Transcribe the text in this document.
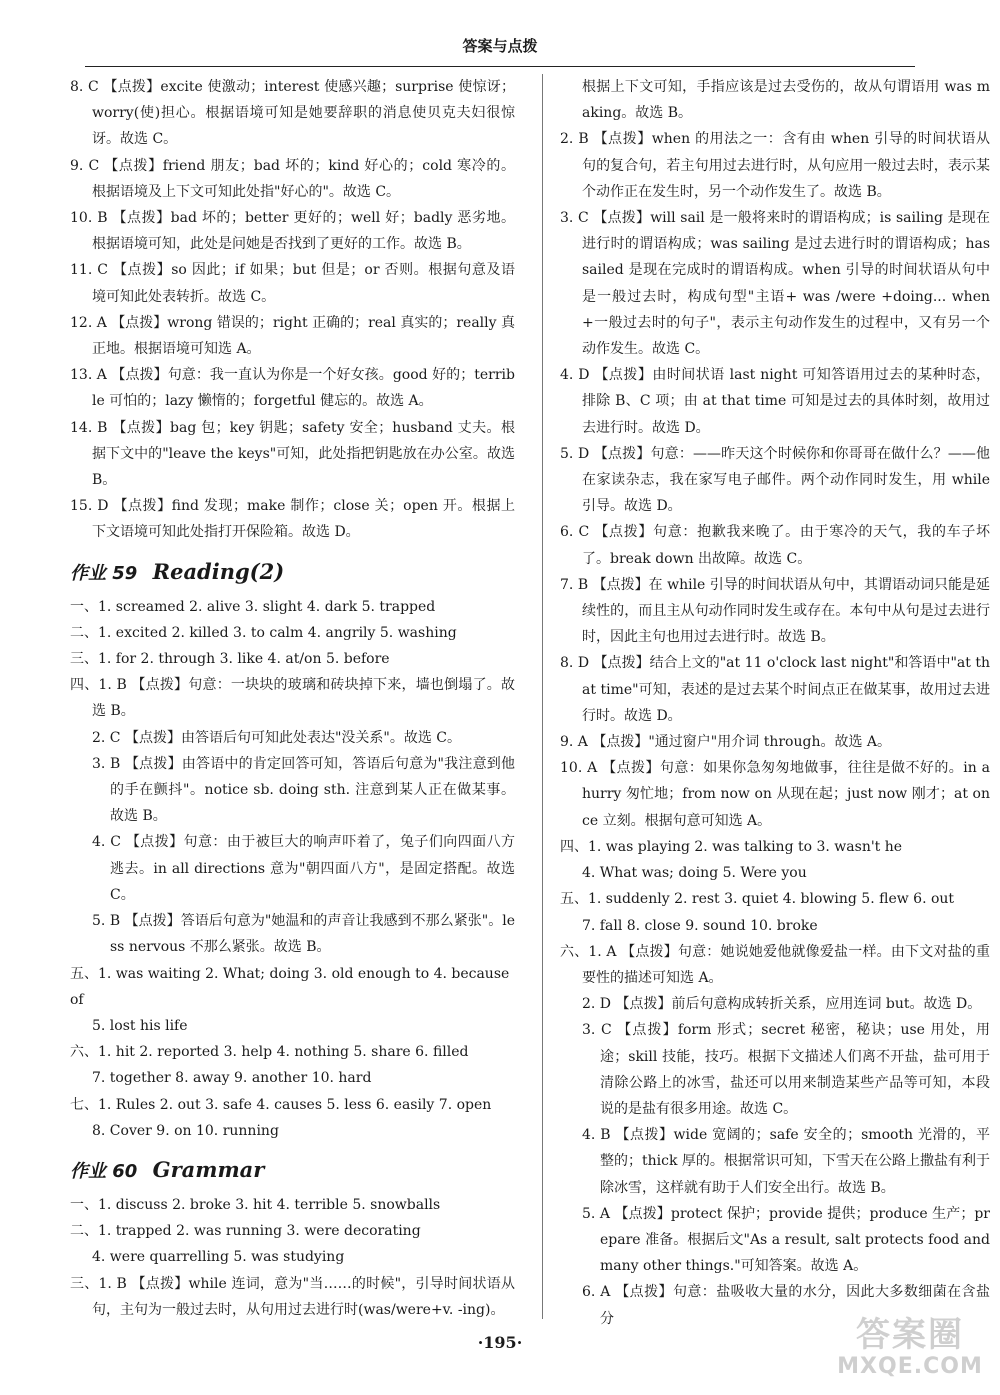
答案与点拨

8. C 【点拨】excite 使激动；interest 使感兴趣；surprise 使惊讶；worry(使)担心。根据语境可知是她要辞职的消息使贝克夫妇很惊讶。故选 C。

9. C 【点拨】friend 朋友；bad 坏的；kind 好心的；cold 寒冷的。根据语境及上下文可知此处指"好心的"。故选 C。

10. B 【点拨】bad 坏的；better 更好的；well 好；badly 恶劣地。根据语境可知，此处是问她是否找到了更好的工作。故选 B。

11. C 【点拨】so 因此；if 如果；but 但是；or 否则。根据句意及语境可知此处表转折。故选 C。

12. A 【点拨】wrong 错误的；right 正确的；real 真实的；really 真正地。根据语境可知选 A。

13. A 【点拨】句意：我一直认为你是一个好女孩。good 好的；terrible 可怕的；lazy 懒惰的；forgetful 健忘的。故选 A。

14. B 【点拨】bag 包；key 钥匙；safety 安全；husband 丈夫。根据下文中的"leave the keys"可知，此处指把钥匙放在办公室。故选 B。

15. D 【点拨】find 发现；make 制作；close 关；open 开。根据上下文语境可知此处指打开保险箱。故选 D。

作业 59 Reading(2)

一、1. screamed 2. alive 3. slight 4. dark 5. trapped

二、1. excited 2. killed 3. to calm 4. angrily 5. washing

三、1. for 2. through 3. like 4. at/on 5. before

四、1. B 【点拨】句意：一块块的玻璃和砖块掉下来，墙也倒塌了。故选 B。

2. C 【点拨】由答语后句可知此处表达"没关系"。故选 C。

3. B 【点拨】由答语中的肯定回答可知，答语后句意为"我注意到他的手在颤抖"。notice sb. doing sth. 注意到某人正在做某事。故选 B。

4. C 【点拨】句意：由于被巨大的响声吓着了，兔子们向四面八方逃去。in all directions 意为"朝四面八方"，是固定搭配。故选 C。

5. B 【点拨】答语后句意为"她温和的声音让我感到不那么紧张"。less nervous 不那么紧张。故选 B。

五、1. was waiting 2. What; doing 3. old enough to 4. because of

5. lost his life

六、1. hit 2. reported 3. help 4. nothing 5. share 6. filled

7. together 8. away 9. another 10. hard

七、1. Rules 2. out 3. safe 4. causes 5. less 6. easily 7. open

8. Cover 9. on 10. running

作业 60 Grammar

一、1. discuss 2. broke 3. hit 4. terrible 5. snowballs

二、1. trapped 2. was running 3. were decorating

4. were quarrelling 5. was studying

三、1. B 【点拨】while 连词，意为"当……的时候"，引导时间状语从句，主句为一般过去时，从句用过去进行时(was/were+v. -ing)。

根据上下文可知，手指应该是过去受伤的，故从句谓语用 was making。故选 B。

2. B 【点拨】when 的用法之一：含有由 when 引导的时间状语从句的复合句，若主句用过去进行时，从句应用一般过去时，表示某个动作正在发生时，另一个动作发生了。故选 B。

3. C 【点拨】will sail 是一般将来时的谓语构成；is sailing 是现在进行时的谓语构成；was sailing 是过去进行时的谓语构成；has sailed 是现在完成时的谓语构成。when 引导的时间状语从句中是一般过去时，构成句型"主语+ was /were +doing... when +一般过去时的句子"，表示主句动作发生的过程中，又有另一个动作发生。故选 C。

4. D 【点拨】由时间状语 last night 可知答语用过去的某种时态，排除 B、C 项；由 at that time 可知是过去的具体时刻，故用过去进行时。故选 D。

5. D 【点拨】句意：——昨天这个时候你和你哥哥在做什么？——他在家读杂志，我在家写电子邮件。两个动作同时发生，用 while 引导。故选 D。

6. C 【点拨】句意：抱歉我来晚了。由于寒冷的天气，我的车子坏了。break down 出故障。故选 C。

7. B 【点拨】在 while 引导的时间状语从句中，其谓语动词只能是延续性的，而且主从句动作同时发生或存在。本句中从句是过去进行时，因此主句也用过去进行时。故选 B。

8. D 【点拨】结合上文的"at 11 o'clock last night"和答语中"at that time"可知，表述的是过去某个时间点正在做某事，故用过去进行时。故选 D。

9. A 【点拨】"通过窗户"用介词 through。故选 A。

10. A 【点拨】句意：如果你急匆匆地做事，往往是做不好的。in a hurry 匆忙地；from now on 从现在起；just now 刚才；at once 立刻。根据句意可知选 A。

四、1. was playing 2. was talking to 3. wasn't he

4. What was; doing 5. Were you

五、1. suddenly 2. rest 3. quiet 4. blowing 5. flew 6. out

7. fall 8. close 9. sound 10. broke

六、1. A 【点拨】句意：她说她爱他就像爱盐一样。由下文对盐的重要性的描述可知选 A。

2. D 【点拨】前后句意构成转折关系，应用连词 but。故选 D。

3. C 【点拨】form 形式；secret 秘密，秘诀；use 用处，用途；skill 技能，技巧。根据下文描述人们离不开盐，盐可用于清除公路上的冰雪，盐还可以用来制造某些产品等可知，本段说的是盐有很多用途。故选 C。

4. B 【点拨】wide 宽阔的；safe 安全的；smooth 光滑的，平整的；thick 厚的。根据常识可知，下雪天在公路上撒盐有利于除冰雪，这样就有助于人们安全出行。故选 B。

5. A 【点拨】protect 保护；provide 提供；produce 生产；prepare 准备。根据后文"As a result, salt protects food and many other things."可知答案。故选 A。

6. A 【点拨】句意：盐吸收大量的水分，因此大多数细菌在含盐分

·195·	答案圈
MXQE.COM
